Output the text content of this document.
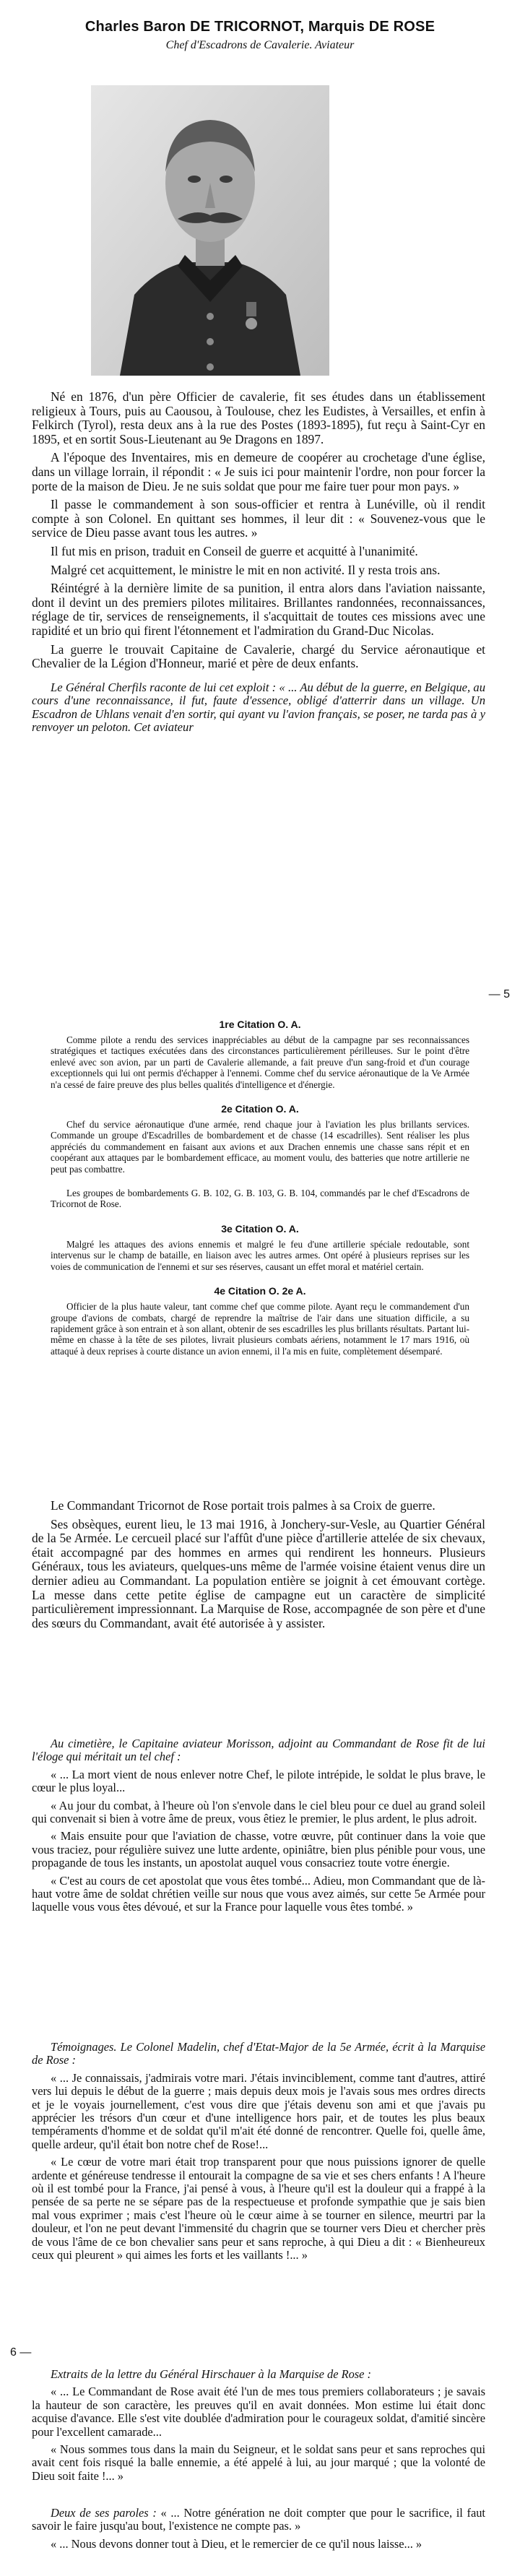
Charles Baron DE TRICORNOT, Marquis DE ROSE
Chef d'Escadrons de Cavalerie. Aviateur

Né en 1876, d'un père Officier de cavalerie, fit ses études dans un établissement religieux à Tours, puis au Caousou, à Toulouse, chez les Eudistes, à Versailles, et enfin à Felkirch (Tyrol), resta deux ans à la rue des Postes (1893-1895), fut reçu à Saint-Cyr en 1895, et en sortit Sous-Lieutenant au 9e Dragons en 1897.

A l'époque des Inventaires, mis en demeure de coopérer au crochetage d'une église, dans un village lorrain, il répondit : « Je suis ici pour maintenir l'ordre, non pour forcer la porte de la maison de Dieu. Je ne suis soldat que pour me faire tuer pour mon pays. »

Il passe le commandement à son sous-officier et rentra à Lunéville, où il rendit compte à son Colonel. En quittant ses hommes, il leur dit : « Souvenez-vous que le service de Dieu passe avant tous les autres. »

Il fut mis en prison, traduit en Conseil de guerre et acquitté à l'unanimité.

Malgré cet acquittement, le ministre le mit en non activité. Il y resta trois ans.

Réintégré à la dernière limite de sa punition, il entra alors dans l'aviation naissante, dont il devint un des premiers pilotes militaires. Brillantes randonnées, reconnaissances, réglage de tir, services de renseignements, il s'acquittait de toutes ces missions avec une rapidité et un brio qui firent l'étonnement et l'admiration du Grand-Duc Nicolas.

La guerre le trouvait Capitaine de Cavalerie, chargé du Service aéronautique et Chevalier de la Légion d'Honneur, marié et père de deux enfants.

Le Général Cherfils raconte de lui cet exploit : « ... Au début de la guerre, en Belgique, au cours d'une reconnaissance, il fut, faute d'essence, obligé d'atterrir dans un village. Un Escadron de Uhlans venait d'en sortir, qui ayant vu l'avion français, se poser, ne tarda pas à y renvoyer un peloton. Cet aviateur

— 5

1re Citation O. A.

Comme pilote a rendu des services inappréciables au début de la campagne par ses reconnaissances stratégiques et tactiques exécutées dans des circonstances particulièrement périlleuses. Sur le point d'être enlevé avec son avion, par un parti de Cavalerie allemande, a fait preuve d'un sang-froid et d'un courage exceptionnels qui lui ont permis d'échapper à l'ennemi. Comme chef du service aéronautique de la Ve Armée n'a cessé de faire preuve des plus belles qualités d'intelligence et d'énergie.

2e Citation O. A.

Chef du service aéronautique d'une armée, rend chaque jour à l'aviation les plus brillants services. Commande un groupe d'Escadrilles de bombardement et de chasse (14 escadrilles). Sent réaliser les plus appréciés du commandement en faisant aux avions et aux Drachen ennemis une chasse sans répit et en coopérant aux attaques par le bombardement efficace, au moment voulu, des batteries que notre artillerie ne peut pas combattre.

Les groupes de bombardements G. B. 102, G. B. 103, G. B. 104, commandés par le chef d'Escadrons de Tricornot de Rose.

3e Citation O. A.

Malgré les attaques des avions ennemis et malgré le feu d'une artillerie spéciale redoutable, sont intervenus sur le champ de bataille, en liaison avec les autres armes. Ont opéré à plusieurs reprises sur les voies de communication de l'ennemi et sur ses réserves, causant un effet moral et matériel certain.

4e Citation O. 2e A.

Officier de la plus haute valeur, tant comme chef que comme pilote. Ayant reçu le commandement d'un groupe d'avions de combats, chargé de reprendre la maîtrise de l'air dans une situation difficile, a su rapidement grâce à son entrain et à son allant, obtenir de ses escadrilles les plus brillants résultats. Partant lui-même en chasse à la tête de ses pilotes, livrait plusieurs combats aériens, notamment le 17 mars 1916, où attaqué à deux reprises à courte distance un avion ennemi, il l'a mis en fuite, complètement désemparé.

Le Commandant Tricornot de Rose portait trois palmes à sa Croix de guerre.

Ses obsèques, eurent lieu, le 13 mai 1916, à Jonchery-sur-Vesle, au Quartier Général de la 5e Armée. Le cercueil placé sur l'affût d'une pièce d'artillerie attelée de six chevaux, était accompagné par des hommes en armes qui rendirent les honneurs. Plusieurs Généraux, tous les aviateurs, quelques-uns même de l'armée voisine étaient venus dire un dernier adieu au Commandant. La population entière se joignit à cet émouvant cortège. La messe dans cette petite église de campagne eut un caractère de simplicité particulièrement impressionnant. La Marquise de Rose, accompagnée de son père et d'une des sœurs du Commandant, avait été autorisée à y assister.

Au cimetière, le Capitaine aviateur Morisson, adjoint au Commandant de Rose fit de lui l'éloge qui méritait un tel chef :

« ... La mort vient de nous enlever notre Chef, le pilote intrépide, le soldat le plus brave, le cœur le plus loyal...

« Au jour du combat, à l'heure où l'on s'envole dans le ciel bleu pour ce duel au grand soleil qui convenait si bien à votre âme de preux, vous êtiez le premier, le plus ardent, le plus adroit.

« Mais ensuite pour que l'aviation de chasse, votre œuvre, pût continuer dans la voie que vous traciez, pour régulière suivez une lutte ardente, opiniâtre, bien plus pénible pour vous, une propagande de tous les instants, un apostolat auquel vous consacriez toute votre énergie.

« C'est au cours de cet apostolat que vous êtes tombé... Adieu, mon Commandant que de là-haut votre âme de soldat chrétien veille sur nous que vous avez aimés, sur cette 5e Armée pour laquelle vous vous êtes dévoué, et sur la France pour laquelle vous êtes tombé. »

Témoignages. Le Colonel Madelin, chef d'Etat-Major de la 5e Armée, écrit à la Marquise de Rose :

« ... Je connaissais, j'admirais votre mari. J'étais invinciblement, comme tant d'autres, attiré vers lui depuis le début de la guerre ; mais depuis deux mois je l'avais sous mes ordres directs et je le voyais journellement, c'est vous dire que j'étais devenu son ami et que j'avais pu apprécier les trésors d'un cœur et d'une intelligence hors pair, et de toutes les plus beaux tempéraments d'homme et de soldat qu'il m'ait été donné de rencontrer. Quelle foi, quelle âme, quelle ardeur, qu'il était bon notre chef de Rose!...

« Le cœur de votre mari était trop transparent pour que nous puissions ignorer de quelle ardente et généreuse tendresse il entourait la compagne de sa vie et ses chers enfants ! A l'heure où il est tombé pour la France, j'ai pensé à vous, à l'heure qu'il est la douleur qui a frappé à la pensée de sa perte ne se sépare pas de la respectueuse et profonde sympathie que je sais bien mal vous exprimer ; mais c'est l'heure où le cœur aime à se tourner en silence, meurtri par la douleur, et l'on ne peut devant l'immensité du chagrin que se tourner vers Dieu et chercher près de vous l'âme de ce bon chevalier sans peur et sans reproche, à qui Dieu a dit : « Bienheureux ceux qui pleurent » qui aimes les forts et les vaillants !... »

6 —

Extraits de la lettre du Général Hirschauer à la Marquise de Rose :

« ... Le Commandant de Rose avait été l'un de mes tous premiers collaborateurs ; je savais la hauteur de son caractère, les preuves qu'il en avait données. Mon estime lui était donc acquise d'avance. Elle s'est vite doublée d'admiration pour le courageux soldat, d'amitié sincère pour l'excellent camarade...

« Nous sommes tous dans la main du Seigneur, et le soldat sans peur et sans reproches qui avait cent fois risqué la balle ennemie, a été appelé à lui, au jour marqué ; que la volonté de Dieu soit faite !... »

Deux de ses paroles : « ... Notre génération ne doit compter que pour le sacrifice, il faut savoir le faire jusqu'au bout, l'existence ne compte pas. »

« ... Nous devons donner tout à Dieu, et le remercier de ce qu'il nous laisse... »
